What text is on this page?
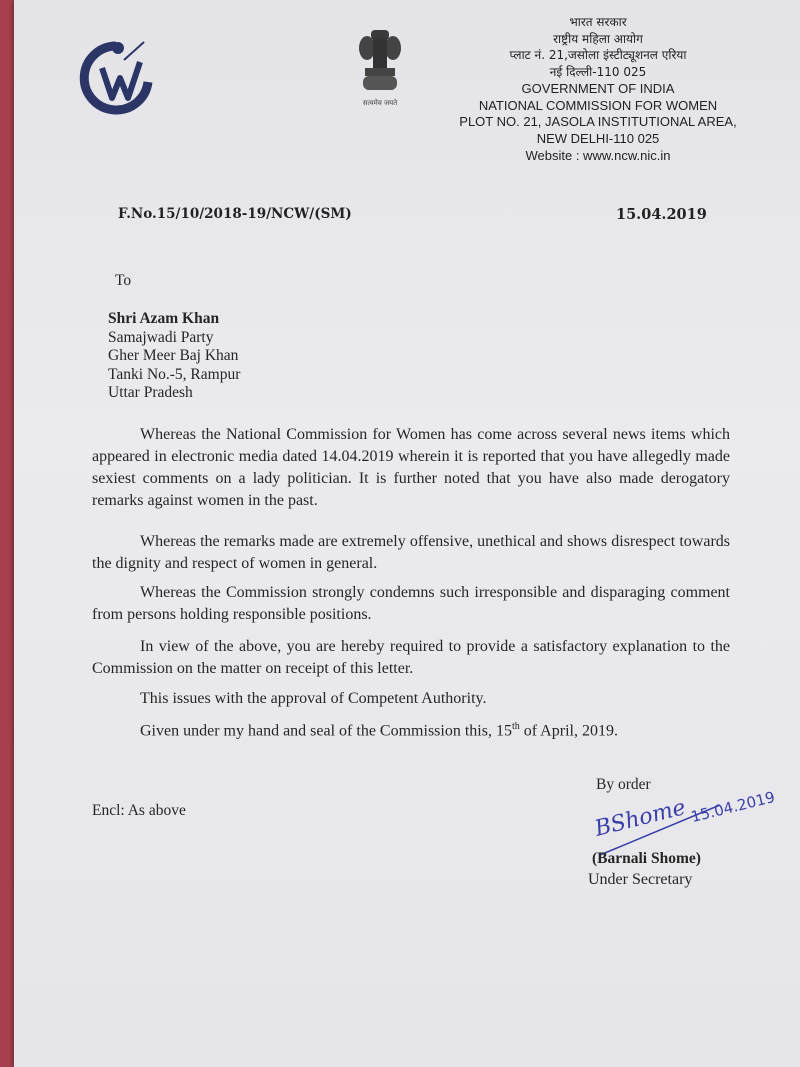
सत्यमेव जयते
भारत सरकार
राष्ट्रीय महिला आयोग
प्लाट नं. 21,जसोला इंस्टीट्यूशनल एरिया
नई दिल्ली-110 025
GOVERNMENT OF INDIA
NATIONAL COMMISSION FOR WOMEN
PLOT NO. 21, JASOLA INSTITUTIONAL AREA,
NEW DELHI-110 025
Website : www.ncw.nic.in
F.No.15/10/2018-19/NCW/(SM)	15.04.2019
To
Shri Azam Khan
Samajwadi Party
Gher Meer Baj Khan
Tanki No.-5, Rampur
Uttar Pradesh

Whereas the National Commission for Women has come across several news items which appeared in electronic media dated 14.04.2019 wherein it is reported that you have allegedly made sexiest comments on a lady politician. It is further noted that you have also made derogatory remarks against women in the past.

Whereas the remarks made are extremely offensive, unethical and shows disrespect towards the dignity and respect of women in general.

Whereas the Commission strongly condemns such irresponsible and disparaging comment from persons holding responsible positions.

In view of the above, you are hereby required to provide a satisfactory explanation to the Commission on the matter on receipt of this letter.

This issues with the approval of Competent Authority.

Given under my hand and seal of the Commission this, 15th of April, 2019.

By order
Encl: As above	BShome 15.04.2019
(Barnali Shome)
Under Secretary
